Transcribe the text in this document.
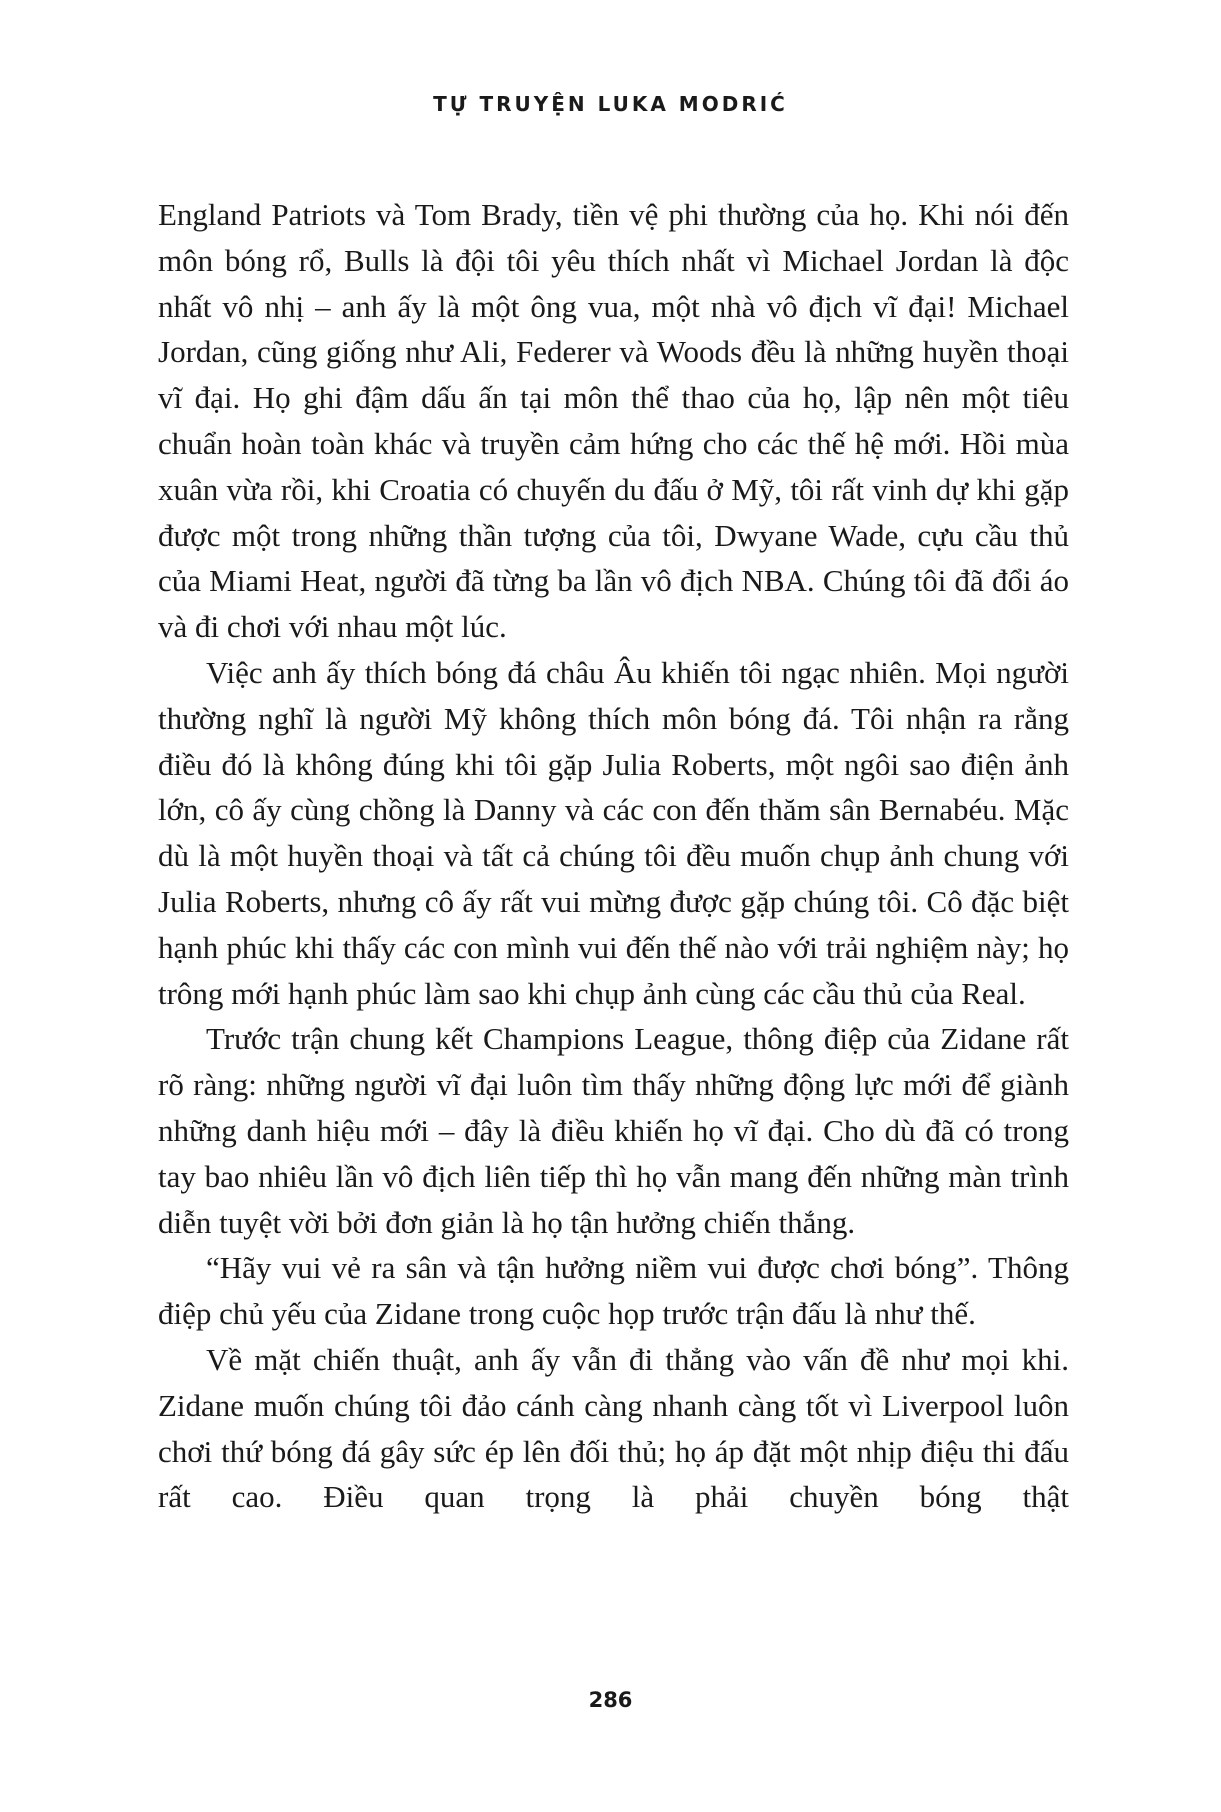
TỰ TRUYỆN LUKA MODRIĆ

England Patriots và Tom Brady, tiền vệ phi thường của họ. Khi nói đến môn bóng rổ, Bulls là đội tôi yêu thích nhất vì Michael Jordan là độc nhất vô nhị – anh ấy là một ông vua, một nhà vô địch vĩ đại! Michael Jordan, cũng giống như Ali, Federer và Woods đều là những huyền thoại vĩ đại. Họ ghi đậm dấu ấn tại môn thể thao của họ, lập nên một tiêu chuẩn hoàn toàn khác và truyền cảm hứng cho các thế hệ mới. Hồi mùa xuân vừa rồi, khi Croatia có chuyến du đấu ở Mỹ, tôi rất vinh dự khi gặp được một trong những thần tượng của tôi, Dwyane Wade, cựu cầu thủ của Miami Heat, người đã từng ba lần vô địch NBA. Chúng tôi đã đổi áo và đi chơi với nhau một lúc.

Việc anh ấy thích bóng đá châu Âu khiến tôi ngạc nhiên. Mọi người thường nghĩ là người Mỹ không thích môn bóng đá. Tôi nhận ra rằng điều đó là không đúng khi tôi gặp Julia Roberts, một ngôi sao điện ảnh lớn, cô ấy cùng chồng là Danny và các con đến thăm sân Bernabéu. Mặc dù là một huyền thoại và tất cả chúng tôi đều muốn chụp ảnh chung với Julia Roberts, nhưng cô ấy rất vui mừng được gặp chúng tôi. Cô đặc biệt hạnh phúc khi thấy các con mình vui đến thế nào với trải nghiệm này; họ trông mới hạnh phúc làm sao khi chụp ảnh cùng các cầu thủ của Real.

Trước trận chung kết Champions League, thông điệp của Zidane rất rõ ràng: những người vĩ đại luôn tìm thấy những động lực mới để giành những danh hiệu mới – đây là điều khiến họ vĩ đại. Cho dù đã có trong tay bao nhiêu lần vô địch liên tiếp thì họ vẫn mang đến những màn trình diễn tuyệt vời bởi đơn giản là họ tận hưởng chiến thắng.

“Hãy vui vẻ ra sân và tận hưởng niềm vui được chơi bóng”. Thông điệp chủ yếu của Zidane trong cuộc họp trước trận đấu là như thế.

Về mặt chiến thuật, anh ấy vẫn đi thẳng vào vấn đề như mọi khi. Zidane muốn chúng tôi đảo cánh càng nhanh càng tốt vì Liverpool luôn chơi thứ bóng đá gây sức ép lên đối thủ; họ áp đặt một nhịp điệu thi đấu rất cao. Điều quan trọng là phải chuyền bóng thật

286
